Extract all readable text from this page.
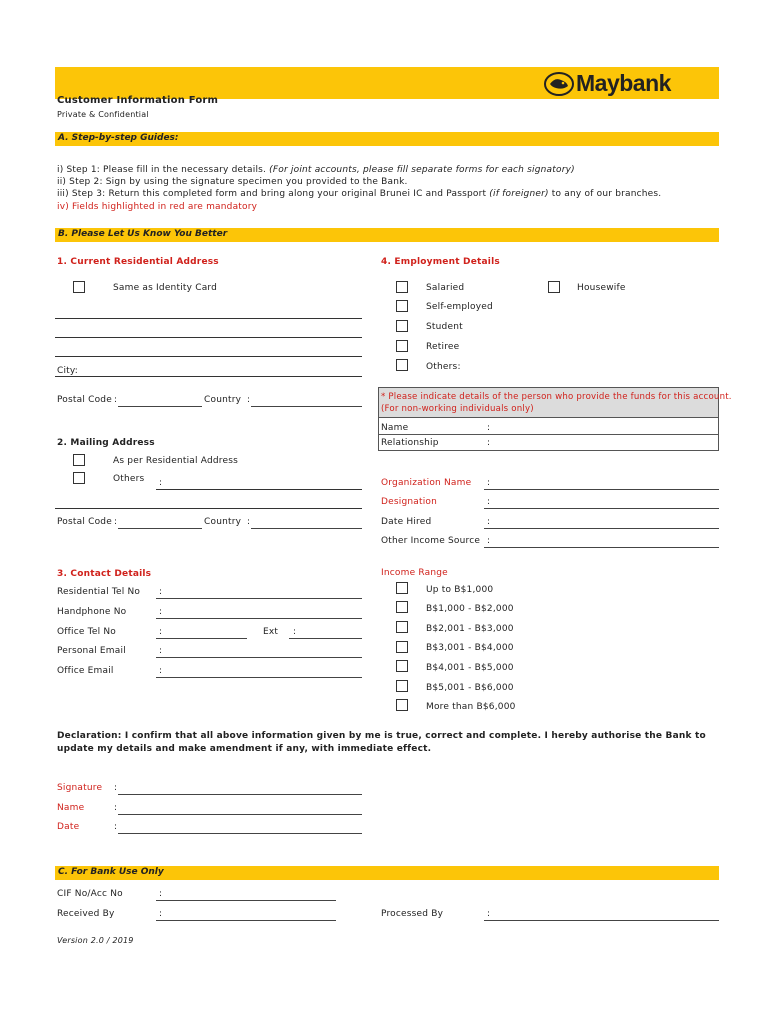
Maybank
Customer Information Form
Private & Confidential
A. Step-by-step Guides:
i) Step 1: Please fill in the necessary details. (For joint accounts, please fill separate forms for each signatory)
ii) Step 2: Sign by using the signature specimen you provided to the Bank.
iii) Step 3: Return this completed form and bring along your original Brunei IC and Passport (if foreigner) to any of our branches.
iv) Fields highlighted in red are mandatory
B. Please Let Us Know You Better
1. Current Residential Address
Same as Identity Card
City:
Postal Code :	Country :
2. Mailing Address
As per Residential Address
Others :
Postal Code :	Country :
3. Contact Details
Residential Tel No :
Handphone No	:
Office Tel No	:	Ext :
Personal Email	:
Office Email	:
4. Employment Details
Salaried	Housewife
Self-employed
Student
Retiree
Others:
* Please indicate details of the person who provide the funds for this account.
(For non-working individuals only)
Name	:
Relationship	:
Organization Name :
Designation	:
Date Hired	:
Other Income Source :
Income Range
Up to B$1,000
B$1,000 - B$2,000
B$2,001 - B$3,000
B$3,001 - B$4,000
B$4,001 - B$5,000
B$5,001 - B$6,000
More than B$6,000
Declaration: I confirm that all above information given by me is true, correct and complete. I hereby authorise the Bank to
update my details and make amendment if any, with immediate effect.
Signature :
Name	:
Date	:
C. For Bank Use Only
CIF No/Acc No	:
Received By	:	Processed By	:
Version 2.0 / 2019
